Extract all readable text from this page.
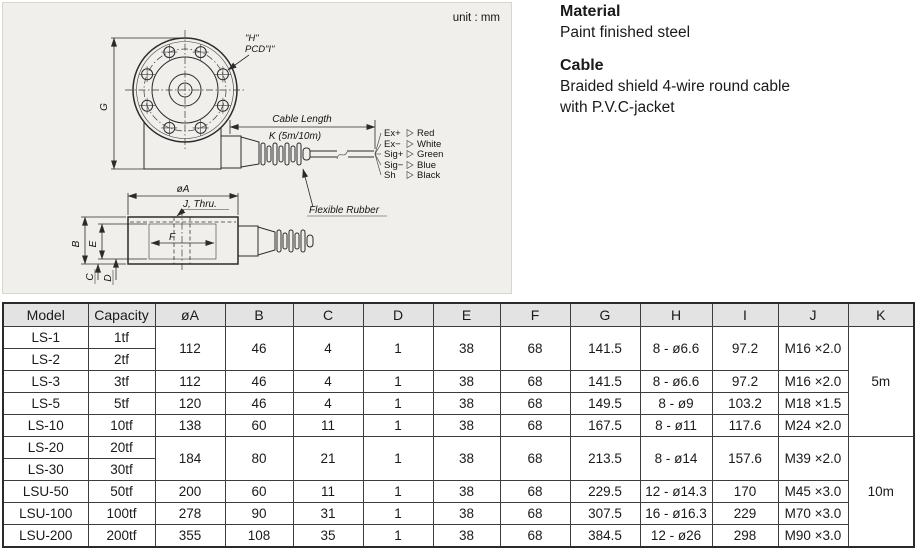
unit : mm
G
"H"
PCD"I"
Cable Length
K (5m/10m)	Ex+ Red
Ex− White
Sig+ Green
Sig− Blue
Sh Black
Flexible Rubber
øA
J, Thru.
B E
C D
F

Material

Paint finished steel

Cable

Braided shield 4-wire round cable

with P.V.C-jacket

Model	Capacity	øA	B	C	D	E	F	G	H	I	J	K
LS-1	1tf	112	46	4	1	38	68	141.5	8 - ø6.6	97.2	M16 ×2.0	5m
LS-2	2tf											
LS-3	3tf	112	46	4	1	38	68	141.5	8 - ø6.6	97.2	M16 ×2.0	
LS-5	5tf	120	46	4	1	38	68	149.5	8 - ø9	103.2	M18 ×1.5	
LS-10	10tf	138	60	11	1	38	68	167.5	8 - ø11	117.6	M24 ×2.0	
LS-20	20tf	184	80	21	1	38	68	213.5	8 - ø14	157.6	M39 ×2.0	10m
LS-30	30tf											
LSU-50	50tf	200	60	11	1	38	68	229.5	12 - ø14.3	170	M45 ×3.0	
LSU-100	100tf	278	90	31	1	38	68	307.5	16 - ø16.3	229	M70 ×3.0	
LSU-200	200tf	355	108	35	1	38	68	384.5	12 - ø26	298	M90 ×3.0	
